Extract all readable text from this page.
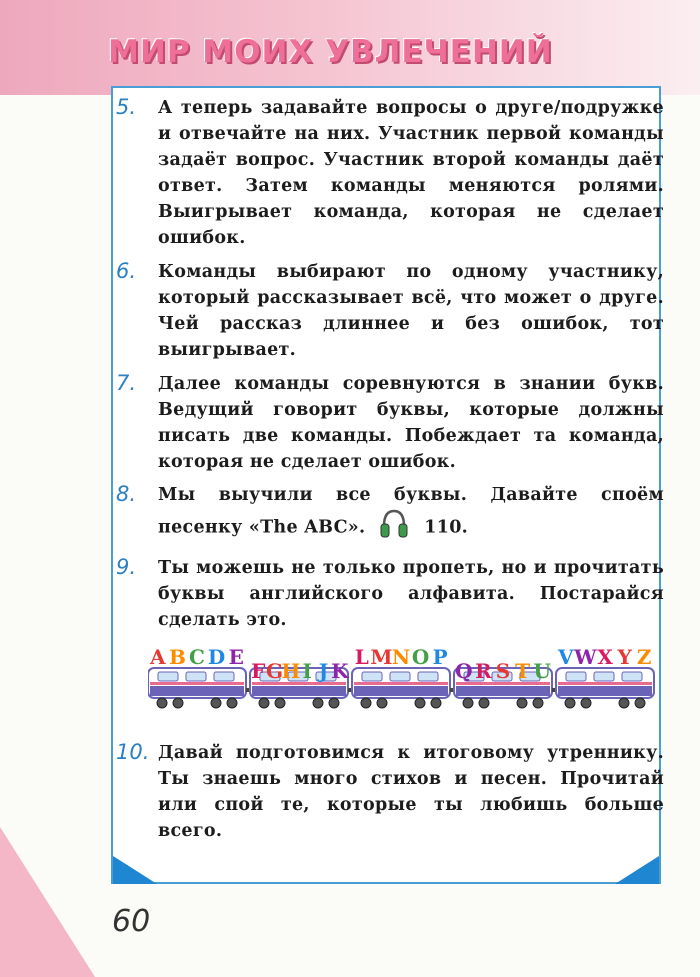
МИР МОИХ УВЛЕЧЕНИЙ
5. А теперь задавайте вопросы о друге/подружке и отвечайте на них. Участник первой команды задаёт вопрос. Участник второй команды даёт ответ. Затем команды меняются ролями. Выигрывает команда, которая не сделает ошибок.
6. Команды выбирают по одному участнику, который рассказывает всё, что может о друге. Чей рассказ длиннее и без ошибок, тот выигрывает.
7. Далее команды соревнуются в знании букв. Ведущий говорит буквы, которые должны писать две команды. Побеждает та команда, которая не сделает ошибок.
8. Мы выучили все буквы. Давайте споём песенку «The ABC».	110.
9. Ты можешь не только пропеть, но и прочитать буквы английского алфавита. Постарайся сделать это.
A B C D E
F G
H I J K
L M N O P
Q R S T U
V W X Y Z
10. Давай подготовимся к итоговому утреннику. Ты знаешь много стихов и песен. Прочитай или спой те, которые ты любишь больше всего.
60
